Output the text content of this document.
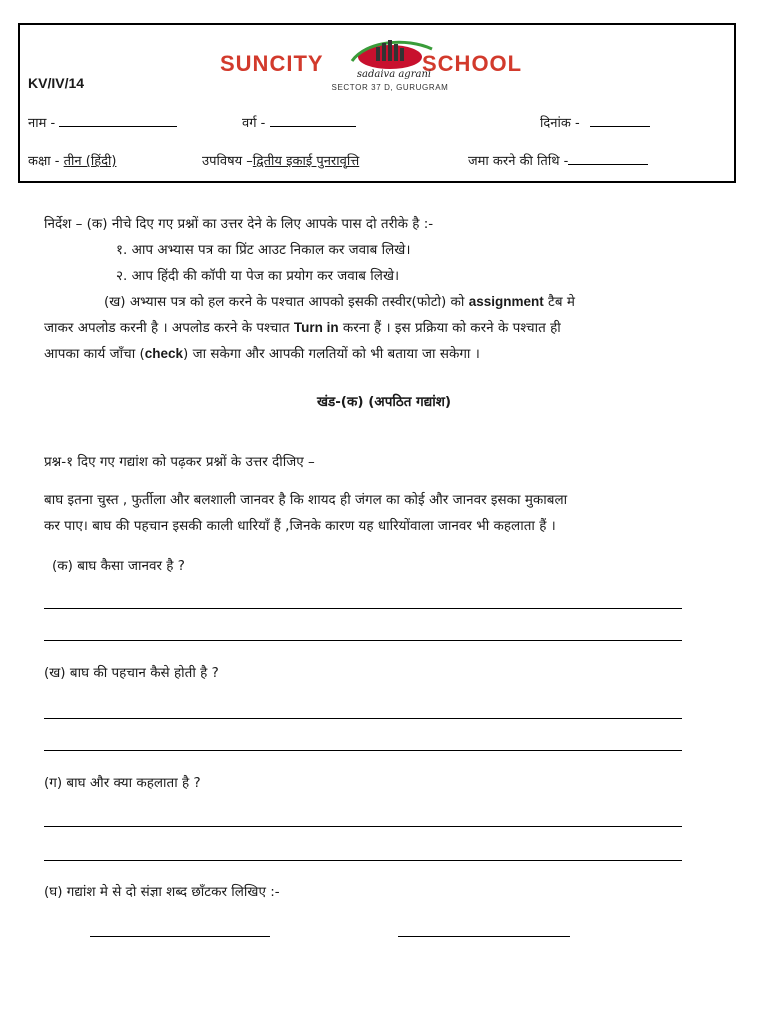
SUNCITY	SCHOOL
sadaiva agrani
SECTOR 37 D, GURUGRAM
KV/IV/14
नाम -	वर्ग -	दिनांक -
कक्षा - तीन (हिंदी)	उपविषय –द्वितीय इकाई पुनरावृत्ति	जमा करने की तिथि -
निर्देश – (क) नीचे दिए गए प्रश्नों का उत्तर देने के लिए आपके पास दो तरीके है :-
१. आप अभ्यास पत्र का प्रिंट आउट निकाल कर जवाब लिखे।
२. आप हिंदी की कॉपी या पेज का प्रयोग कर जवाब लिखे।
(ख) अभ्यास पत्र को हल करने के पश्चात आपको इसकी तस्वीर(फोटो) को assignment टैब मे
जाकर अपलोड करनी है । अपलोड करने के पश्चात Turn in करना हैं । इस प्रक्रिया को करने के पश्चात ही
आपका कार्य जाँचा (check) जा सकेगा और आपकी गलतियों को भी बताया जा सकेगा ।
खंड-(क) (अपठित गद्यांश)
प्रश्न-१ दिए गए गद्यांश को पढ़कर प्रश्नों के उत्तर दीजिए –
बाघ इतना चुस्त , फुर्तीला और बलशाली जानवर है कि शायद ही जंगल का कोई और जानवर इसका मुकाबला
कर पाए। बाघ की पहचान इसकी काली धारियाँ हैं ,जिनके कारण यह धारियोंवाला जानवर भी कहलाता हैं ।
(क) बाघ कैसा जानवर है ?
(ख) बाघ की पहचान कैसे होती है ?
(ग) बाघ और क्या कहलाता है ?
(घ) गद्यांश मे से दो संज्ञा शब्द छाँटकर लिखिए :-
